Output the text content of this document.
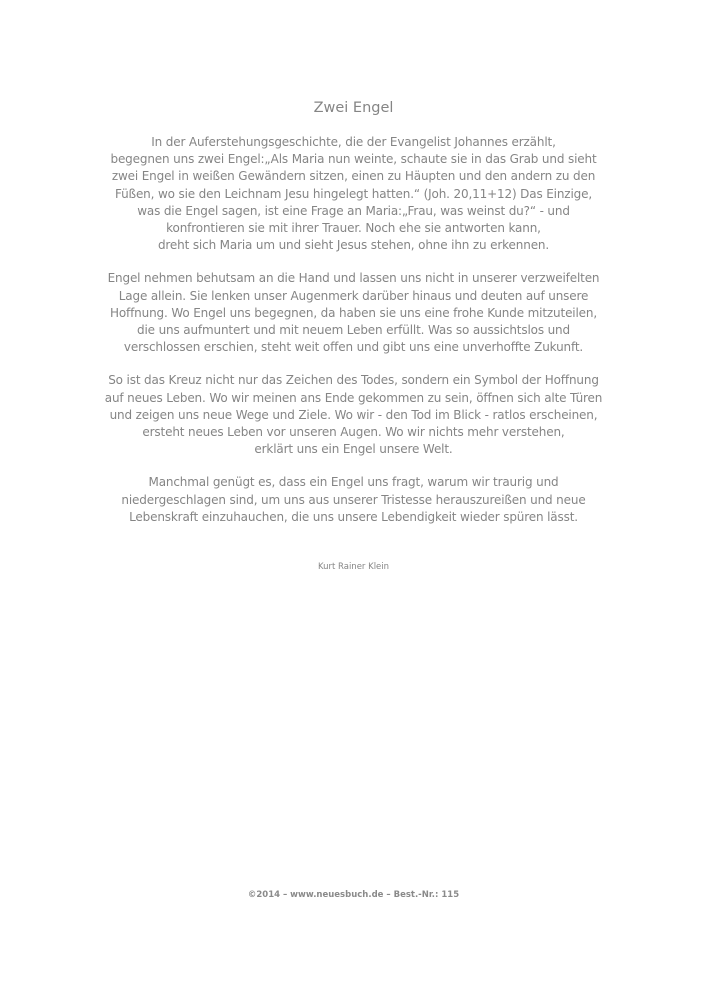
Zwei Engel

In der Auferstehungsgeschichte, die der Evangelist Johannes erzählt,
begegnen uns zwei Engel:„Als Maria nun weinte, schaute sie in das Grab und sieht
zwei Engel in weißen Gewändern sitzen, einen zu Häupten und den andern zu den
Füßen, wo sie den Leichnam Jesu hingelegt hatten.“ (Joh. 20,11+12) Das Einzige,
was die Engel sagen, ist eine Frage an Maria:„Frau, was weinst du?“ - und
konfrontieren sie mit ihrer Trauer. Noch ehe sie antworten kann,
dreht sich Maria um und sieht Jesus stehen, ohne ihn zu erkennen.

Engel nehmen behutsam an die Hand und lassen uns nicht in unserer verzweifelten
Lage allein. Sie lenken unser Augenmerk darüber hinaus und deuten auf unsere
Hoffnung. Wo Engel uns begegnen, da haben sie uns eine frohe Kunde mitzuteilen,
die uns aufmuntert und mit neuem Leben erfüllt. Was so aussichtslos und
verschlossen erschien, steht weit offen und gibt uns eine unverhoffte Zukunft.

So ist das Kreuz nicht nur das Zeichen des Todes, sondern ein Symbol der Hoffnung
auf neues Leben. Wo wir meinen ans Ende gekommen zu sein, öffnen sich alte Türen
und zeigen uns neue Wege und Ziele. Wo wir - den Tod im Blick - ratlos erscheinen,
ersteht neues Leben vor unseren Augen. Wo wir nichts mehr verstehen,
erklärt uns ein Engel unsere Welt.

Manchmal genügt es, dass ein Engel uns fragt, warum wir traurig und
niedergeschlagen sind, um uns aus unserer Tristesse herauszureißen und neue
Lebenskraft einzuhauchen, die uns unsere Lebendigkeit wieder spüren lässt.

Kurt Rainer Klein
©2014 – www.neuesbuch.de – Best.-Nr.: 115
